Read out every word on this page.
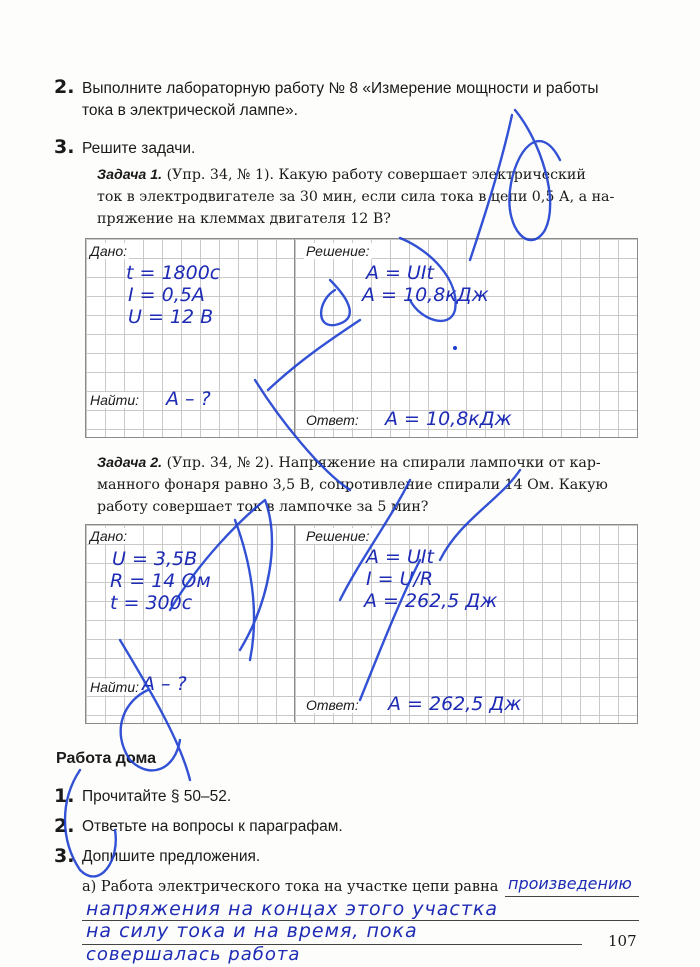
2. Выполните лабораторную работу № 8 «Измерение мощности и работы
тока в электрической лампе».
3. Решите задачи.
Задача 1. (Упр. 34, № 1). Какую работу совершает электрический
ток в электродвигателе за 30 мин, если сила тока в цепи 0,5 А, а на-
пряжение на клеммах двигателя 12 В?
Дано:	Решение:
Найти:
Ответ:
t = 1800с
I = 0,5A
U = 12 В
A = UIt
A = 10,8кДж
A – ?
A = 10,8кДж
Задача 2. (Упр. 34, № 2). Напряжение на спирали лампочки от кар-
манного фонаря равно 3,5 В, сопротивление спирали 14 Ом. Какую
работу совершает ток в лампочке за 5 мин?
Дано:	Решение:
Найти:
Ответ:
U = 3,5В
R = 14 Ом
t = 300с
A = UIt
I = U/R
A = 262,5 Дж
A – ?
A = 262,5 Дж
Работа дома
1. Прочитайте § 50–52.
2. Ответьте на вопросы к параграфам.
3. Допишите предложения.
а) Работа электрического тока на участке цепи равна произведению
напряжения на концах этого участка
на силу тока и на время, пока
совершалась работа
107
